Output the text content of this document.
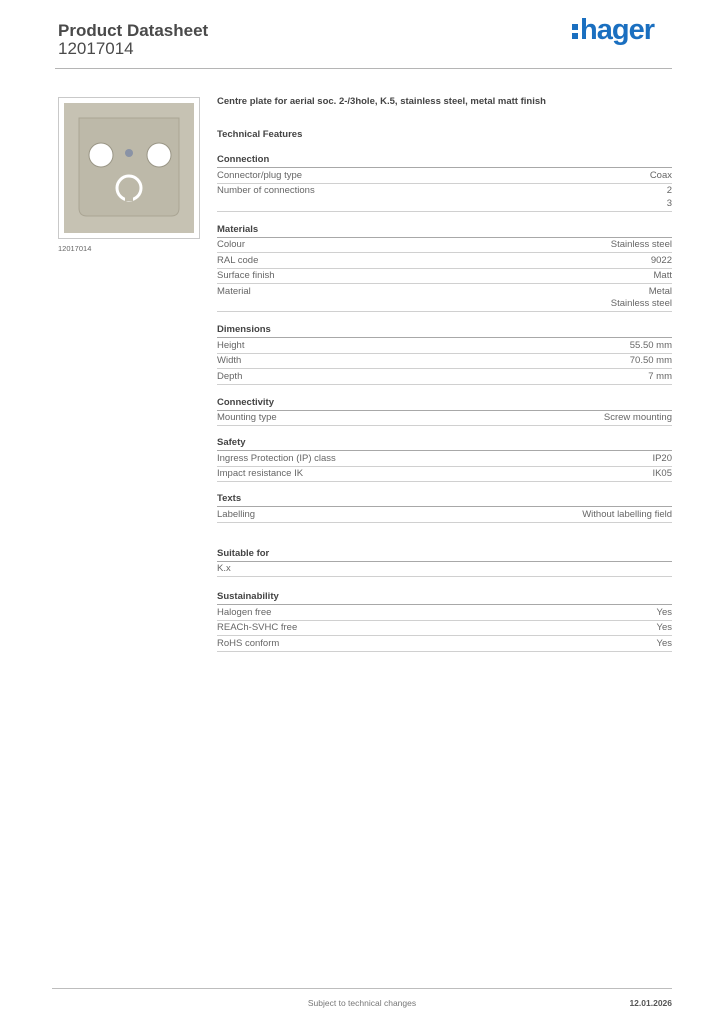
Product Datasheet
12017014
hager
12017014

Centre plate for aerial soc. 2-/3hole, K.5, stainless steel, metal matt finish

Technical Features
Connection
Connector/plug type	Coax
Number of connections	2
3
Materials
Colour	Stainless steel
RAL code	9022
Surface finish	Matt
Material	Metal
Stainless steel
Dimensions
Height	55.50 mm
Width	70.50 mm
Depth	7 mm
Connectivity
Mounting type	Screw mounting
Safety
Ingress Protection (IP) class	IP20
Impact resistance IK	IK05
Texts
Labelling	Without labelling field
Suitable for
K.x
Sustainability
Halogen free	Yes
REACh-SVHC free	Yes
RoHS conform	Yes
Subject to technical changes	12.01.2026
